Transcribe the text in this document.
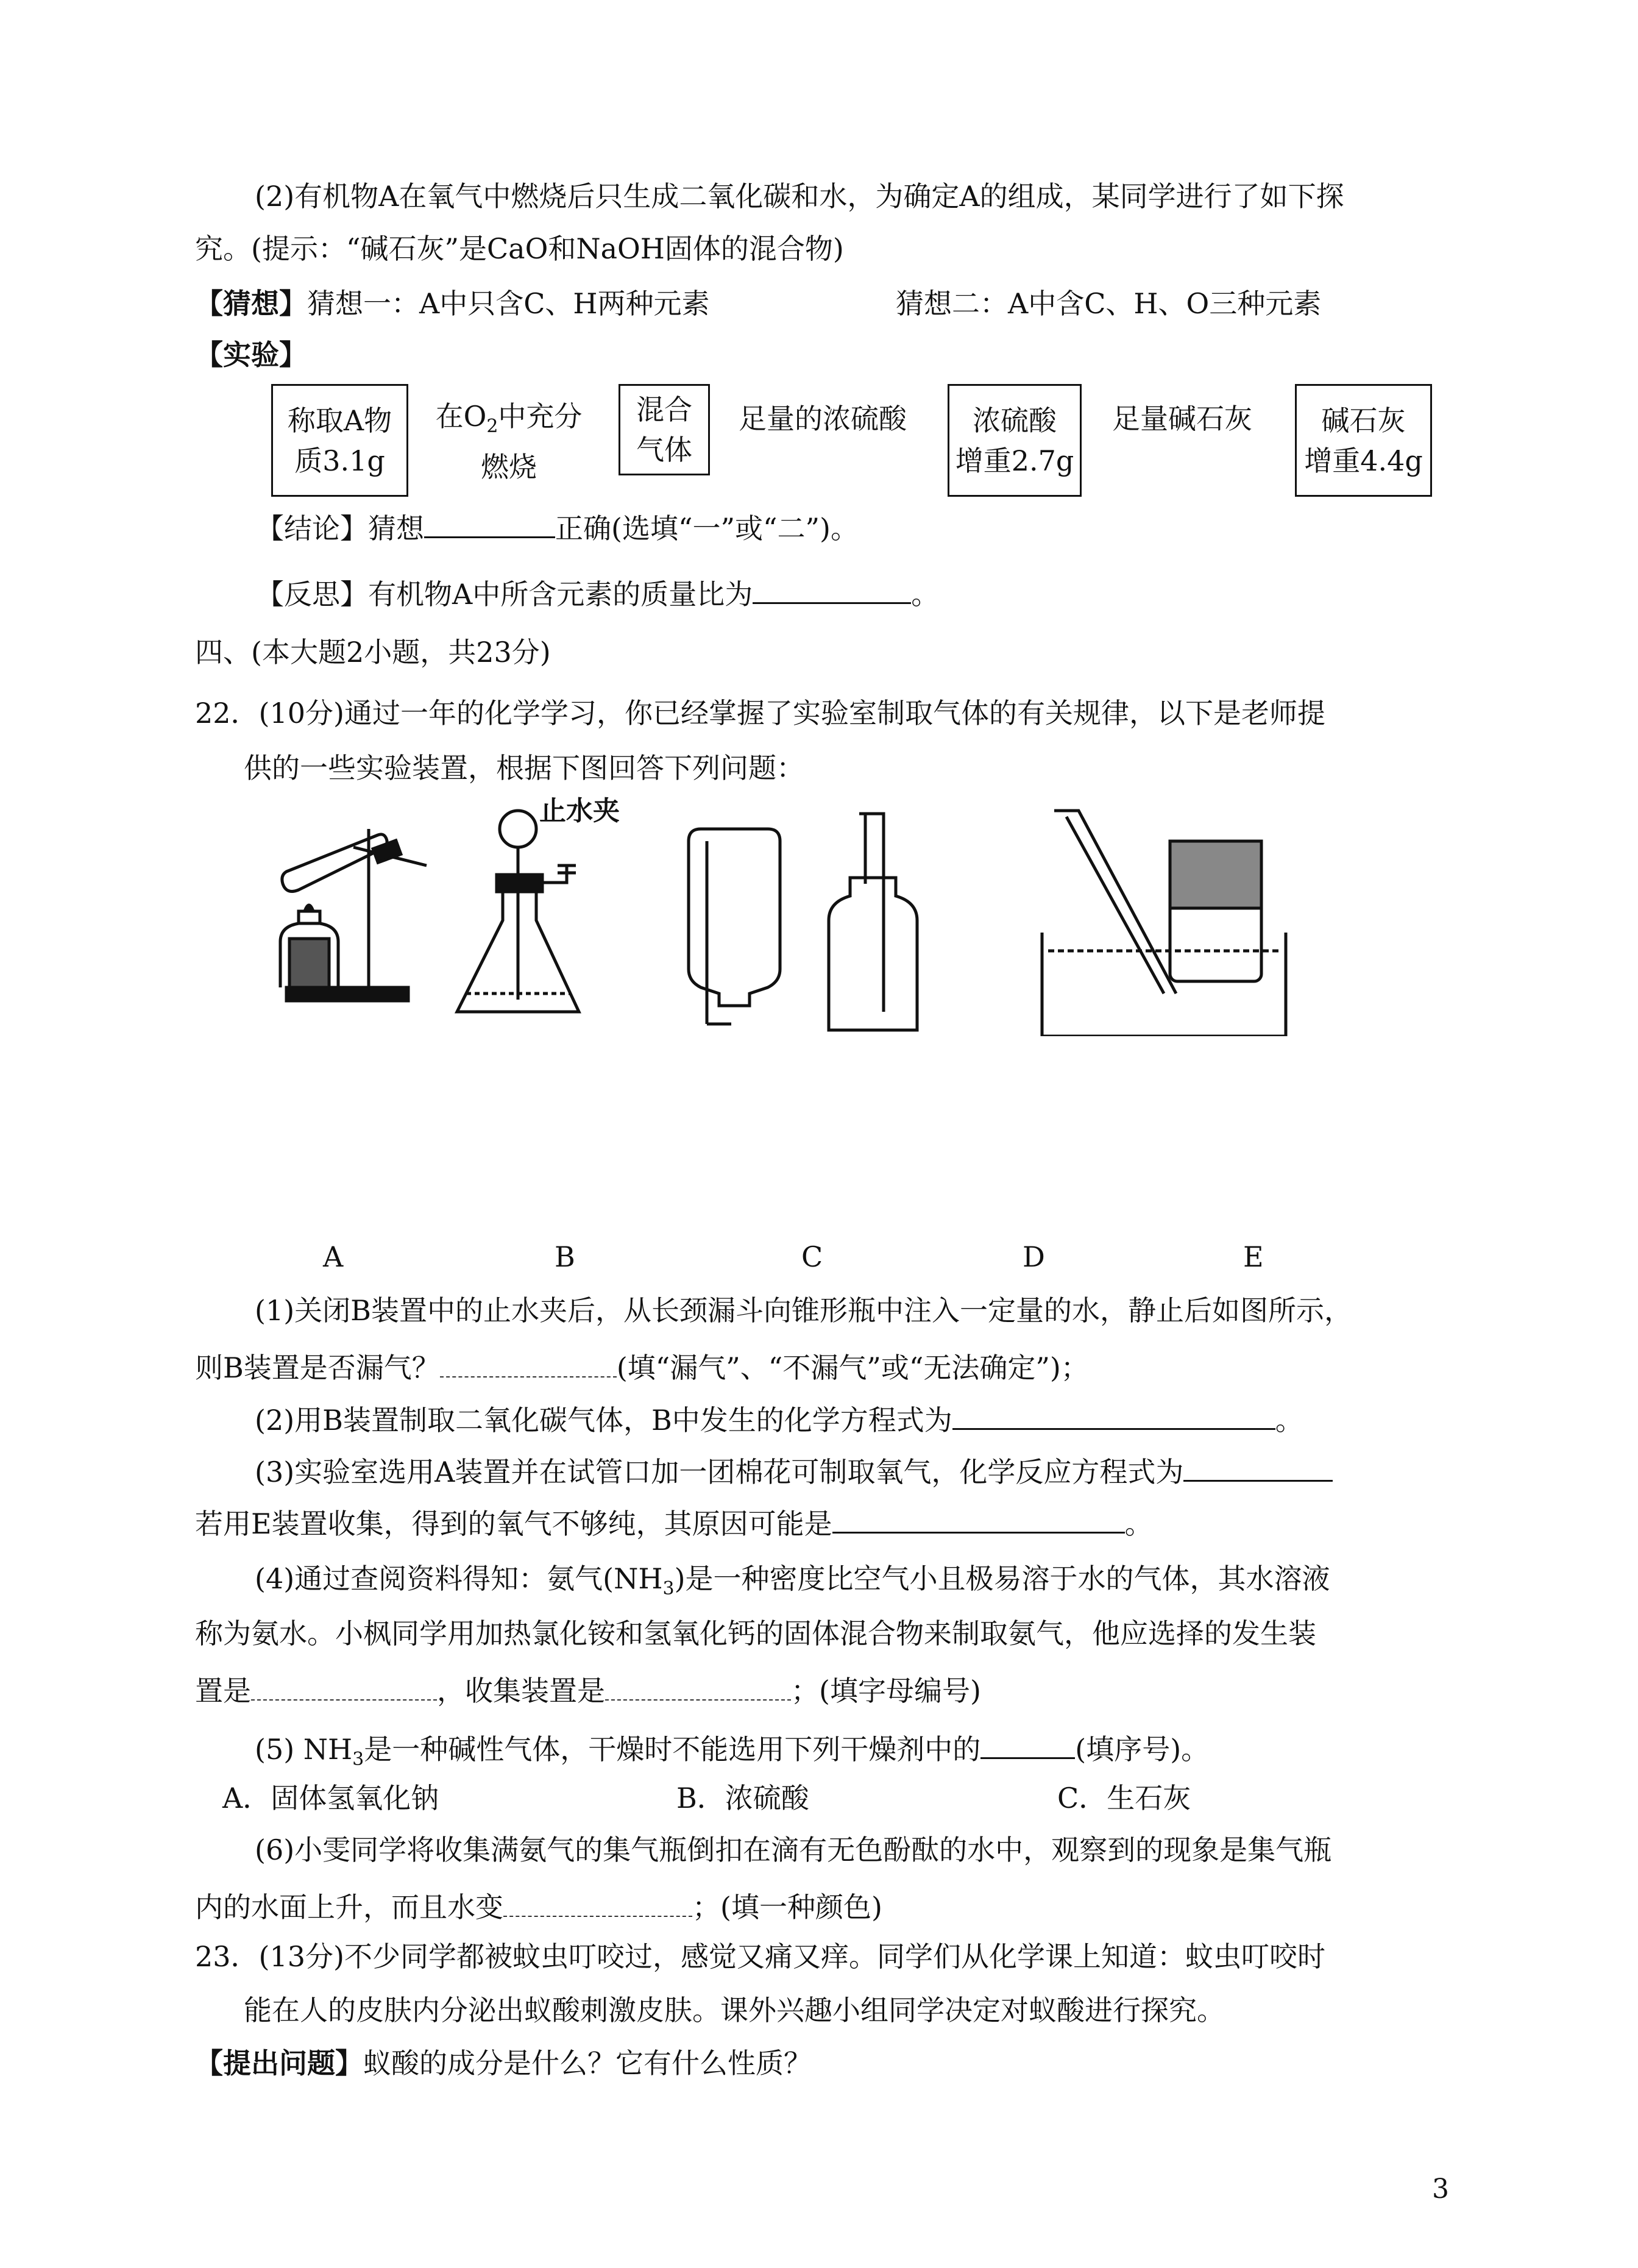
(2)有机物A在氧气中燃烧后只生成二氧化碳和水，为确定A的组成，某同学进行了如下探
究。(提示：“碱石灰”是CaO和NaOH固体的混合物)
【猜想】猜想一：A中只含C、H两种元素	猜想二：A中含C、H、O三种元素
【实验】
称取A物
质3.1g
在$O_2$中充分
燃烧
混合
气体
足量的浓硫酸	浓硫酸
增重2.7g
足量碱石灰	碱石灰
增重4.4g
【结论】猜想	正确(选填“一”或“二”)。
【反思】有机物A中所含元素的质量比为	。
四、(本大题2小题，共23分)
22．(10分)通过一年的化学学习，你已经掌握了实验室制取气体的有关规律，以下是老师提
供的一些实验装置，根据下图回答下列问题：
止水夹
A	B	C	D	E
(1)关闭B装置中的止水夹后，从长颈漏斗向锥形瓶中注入一定量的水，静止后如图所示，
则B装置是否漏气？	(填“漏气”、“不漏气”或“无法确定”)；
(2)用B装置制取二氧化碳气体，B中发生的化学方程式为	。
(3)实验室选用A装置并在试管口加一团棉花可制取氧气，化学反应方程式为
若用E装置收集，得到的氧气不够纯，其原因可能是	。
(4)通过查阅资料得知：氨气$(NH_3)$是一种密度比空气小且极易溶于水的气体，其水溶液
称为氨水。小枫同学用加热氯化铵和氢氧化钙的固体混合物来制取氨气，他应选择的发生装
置是	，收集装置是	；(填字母编号)
(5) $NH_3$是一种碱性气体，干燥时不能选用下列干燥剂中的	(填序号)。
A．固体氢氧化钠	B．浓硫酸	C．生石灰
(6)小雯同学将收集满氨气的集气瓶倒扣在滴有无色酚酞的水中，观察到的现象是集气瓶
内的水面上升，而且水变	；(填一种颜色)
23．(13分)不少同学都被蚊虫叮咬过，感觉又痛又痒。同学们从化学课上知道：蚊虫叮咬时
能在人的皮肤内分泌出蚁酸刺激皮肤。课外兴趣小组同学决定对蚁酸进行探究。
【提出问题】蚁酸的成分是什么？它有什么性质？
3
